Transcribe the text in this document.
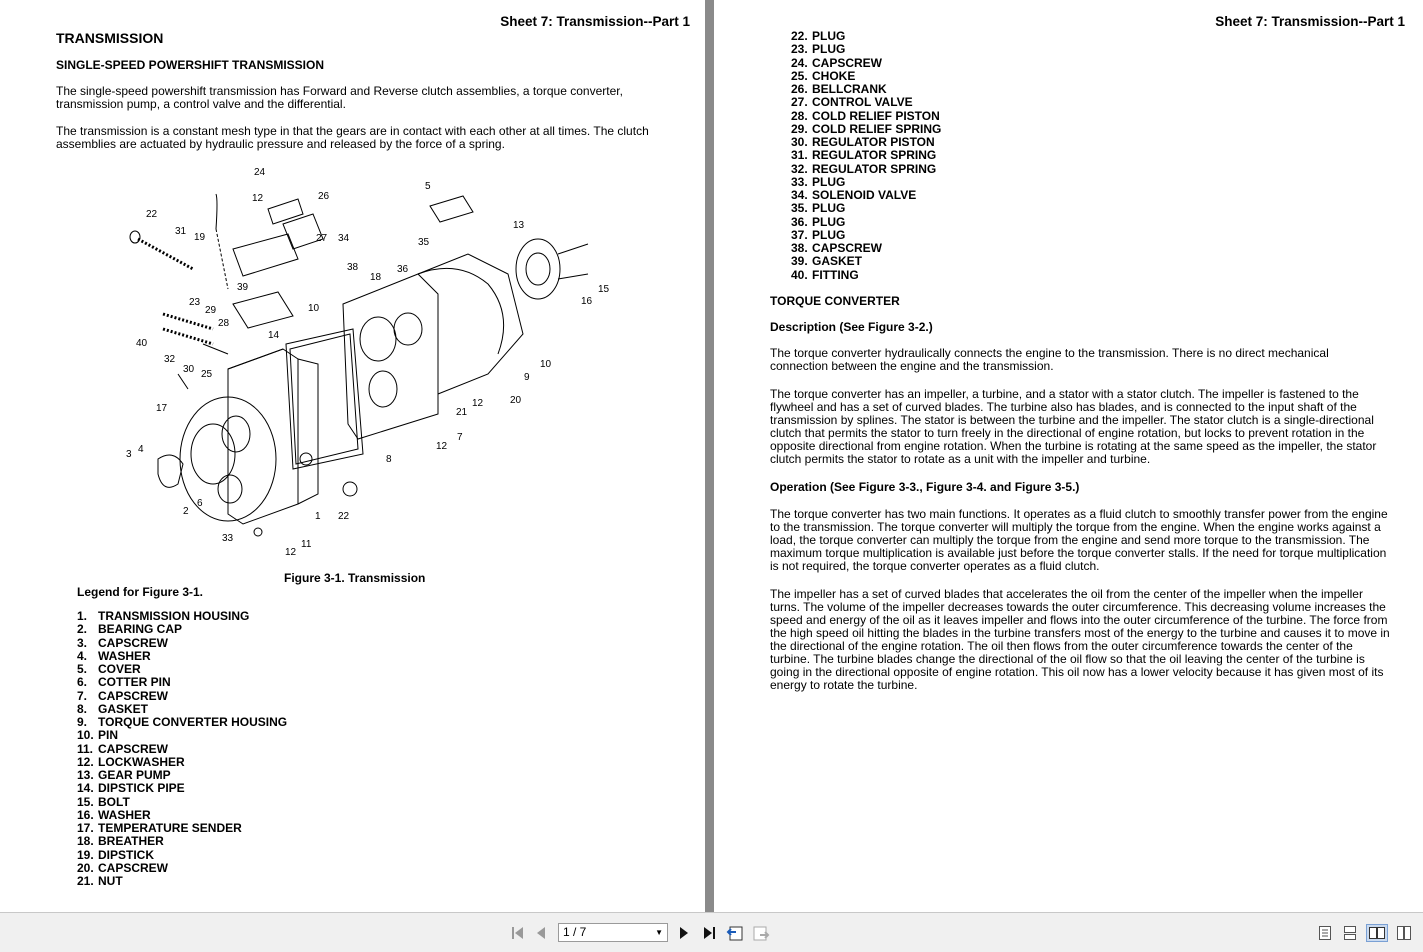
Sheet 7: Transmission--Part 1
TRANSMISSION
SINGLE-SPEED POWERSHIFT TRANSMISSION

The single-speed powershift transmission has Forward and Reverse clutch assemblies, a torque converter,
transmission pump, a control valve and the differential.

The transmission is a constant mesh type in that the gears are in contact with each other at all times. The clutch
assemblies are actuated by hydraulic pressure and released by the force of a spring.

24
12	26
5
22
31
19	27 34	35
13
38
18
36
39	15
16
23
29	10
28
14
40
32
30 25
10
9
17	12
21
20
7
12
4
3	8
6
2	1 22
33
11
12
Figure 3-1. Transmission
Legend for Figure 3-1.
1. TRANSMISSION HOUSING
2. BEARING CAP
3. CAPSCREW
4. WASHER
5. COVER
6. COTTER PIN
7. CAPSCREW
8. GASKET
9. TORQUE CONVERTER HOUSING
10. PIN
11. CAPSCREW
12. LOCKWASHER
13. GEAR PUMP
14. DIPSTICK PIPE
15. BOLT
16. WASHER
17. TEMPERATURE SENDER
18. BREATHER
19. DIPSTICK
20. CAPSCREW
21. NUT
Sheet 7: Transmission--Part 1
22. PLUG
23. PLUG
24. CAPSCREW
25. CHOKE
26. BELLCRANK
27. CONTROL VALVE
28. COLD RELIEF PISTON
29. COLD RELIEF SPRING
30. REGULATOR PISTON
31. REGULATOR SPRING
32. REGULATOR SPRING
33. PLUG
34. SOLENOID VALVE
35. PLUG
36. PLUG
37. PLUG
38. CAPSCREW
39. GASKET
40. FITTING
TORQUE CONVERTER
Description (See Figure 3-2.)

The torque converter hydraulically connects the engine to the transmission. There is no direct mechanical
connection between the engine and the transmission.

The torque converter has an impeller, a turbine, and a stator with a stator clutch. The impeller is fastened to the
flywheel and has a set of curved blades. The turbine also has blades, and is connected to the input shaft of the
transmission by splines. The stator is between the turbine and the impeller. The stator clutch is a single-directional
clutch that permits the stator to turn freely in the directional of engine rotation, but locks to prevent rotation in the
opposite directional from engine rotation. When the turbine is rotating at the same speed as the impeller, the stator
clutch permits the stator to rotate as a unit with the impeller and turbine.

Operation (See Figure 3-3., Figure 3-4. and Figure 3-5.)

The torque converter has two main functions. It operates as a fluid clutch to smoothly transfer power from the engine
to the transmission. The torque converter will multiply the torque from the engine. When the engine works against a
load, the torque converter can multiply the torque from the engine and send more torque to the transmission. The
maximum torque multiplication is available just before the torque converter stalls. If the need for torque multiplication
is not required, the torque converter operates as a fluid clutch.

The impeller has a set of curved blades that accelerates the oil from the center of the impeller when the impeller
turns. The volume of the impeller decreases towards the outer circumference. This decreasing volume increases the
speed and energy of the oil as it leaves impeller and flows into the outer circumference of the turbine. The force from
the high speed oil hitting the blades in the turbine transfers most of the energy to the turbine and causes it to move in
the directional of the engine rotation. The oil then flows from the outer circumference towards the center of the
turbine. The turbine blades change the directional of the oil flow so that the oil leaving the center of the turbine is
going in the directional opposite of engine rotation. This oil now has a lower velocity because it has given most of its
energy to rotate the turbine.

1 / 7	▼
